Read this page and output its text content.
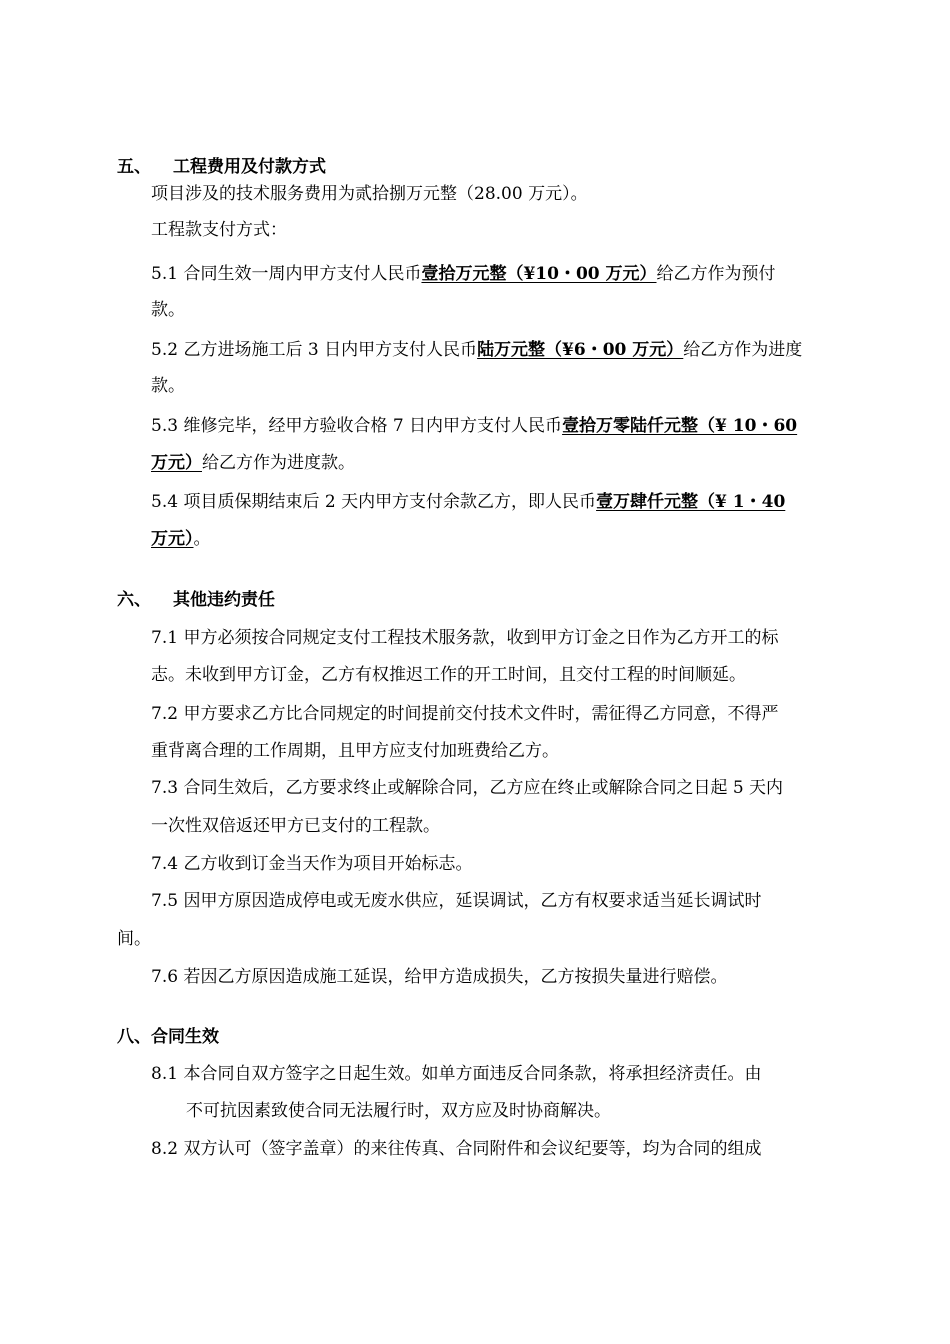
五、 工程费用及付款方式
项目涉及的技术服务费用为贰拾捌万元整（28.00 万元）。
工程款支付方式：
5.1 合同生效一周内甲方支付人民币壹拾万元整（¥10・00 万元）给乙方作为预付
款。
5.2 乙方进场施工后 3 日内甲方支付人民币陆万元整（¥6・00 万元）给乙方作为进度
款。
5.3 维修完毕，经甲方验收合格 7 日内甲方支付人民币壹拾万零陆仟元整（¥ 10・60
万元）给乙方作为进度款。
5.4 项目质保期结束后 2 天内甲方支付余款乙方，即人民币壹万肆仟元整（¥ 1・40
万元）。
六、 其他违约责任
7.1 甲方必须按合同规定支付工程技术服务款，收到甲方订金之日作为乙方开工的标
志。未收到甲方订金，乙方有权推迟工作的开工时间，且交付工程的时间顺延。
7.2 甲方要求乙方比合同规定的时间提前交付技术文件时，需征得乙方同意，不得严
重背离合理的工作周期，且甲方应支付加班费给乙方。
7.3 合同生效后，乙方要求终止或解除合同，乙方应在终止或解除合同之日起 5 天内
一次性双倍返还甲方已支付的工程款。
7.4 乙方收到订金当天作为项目开始标志。
7.5 因甲方原因造成停电或无废水供应，延误调试，乙方有权要求适当延长调试时
间。
7.6 若因乙方原因造成施工延误，给甲方造成损失，乙方按损失量进行赔偿。
八、合同生效
8.1 本合同自双方签字之日起生效。如单方面违反合同条款，将承担经济责任。由
不可抗因素致使合同无法履行时，双方应及时协商解决。
8.2 双方认可（签字盖章）的来往传真、合同附件和会议纪要等，均为合同的组成
